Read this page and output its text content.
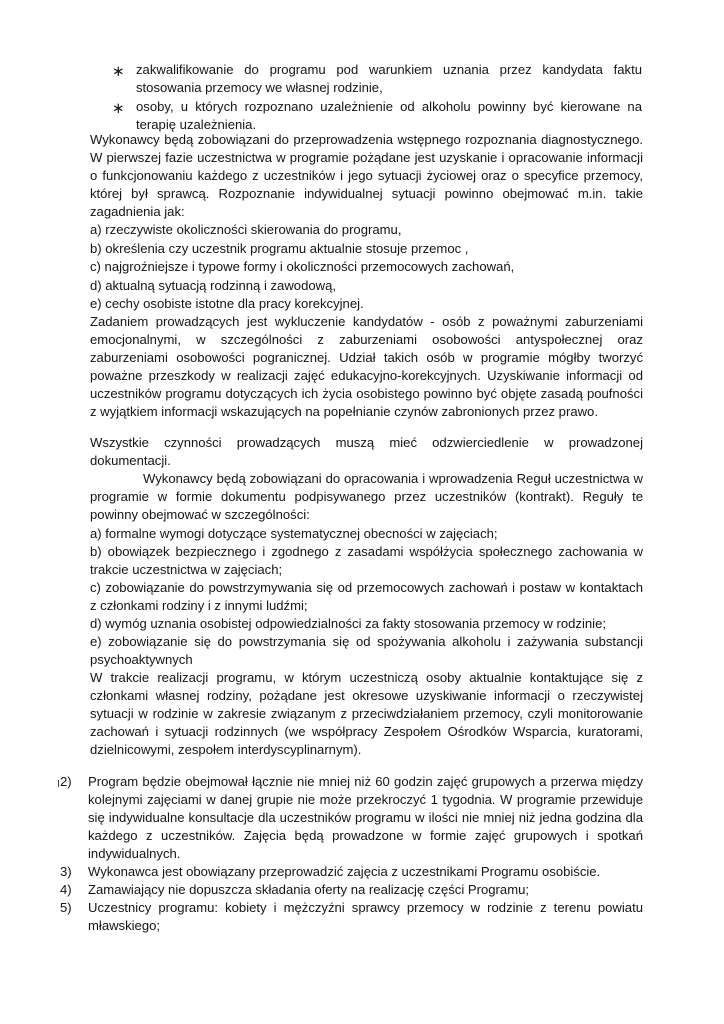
∗ zakwalifikowanie do programu pod warunkiem uznania przez kandydata faktu stosowania przemocy we własnej rodzinie,

∗ osoby, u których rozpoznano uzależnienie od alkoholu powinny być kierowane na terapię uzależnienia.

Wykonawcy będą zobowiązani do przeprowadzenia wstępnego rozpoznania diagnostycznego. W pierwszej fazie uczestnictwa w programie pożądane jest uzyskanie i opracowanie informacji o funkcjonowaniu każdego z uczestników i jego sytuacji życiowej oraz o specyfice przemocy, której był sprawcą. Rozpoznanie indywidualnej sytuacji powinno obejmować m.in. takie zagadnienia jak:

a) rzeczywiste okoliczności skierowania do programu,

b) określenia czy uczestnik programu aktualnie stosuje przemoc ,

c) najgroźniejsze i typowe formy i okoliczności przemocowych zachowań,

d) aktualną sytuacją rodzinną i zawodową,

e) cechy osobiste istotne dla pracy korekcyjnej.

Zadaniem prowadzących jest wykluczenie kandydatów - osób z poważnymi zaburzeniami emocjonalnymi, w szczególności z zaburzeniami osobowości antyspołecznej oraz zaburzeniami osobowości pogranicznej. Udział takich osób w programie mógłby tworzyć poważne przeszkody w realizacji zajęć edukacyjno-korekcyjnych. Uzyskiwanie informacji od uczestników programu dotyczących ich życia osobistego powinno być objęte zasadą poufności z wyjątkiem informacji wskazujących na popełnianie czynów zabronionych przez prawo.

Wszystkie czynności prowadzących muszą mieć odzwierciedlenie w prowadzonej dokumentacji.

Wykonawcy będą zobowiązani do opracowania i wprowadzenia Reguł uczestnictwa w programie w formie dokumentu podpisywanego przez uczestników (kontrakt). Reguły te powinny obejmować w szczególności:

a) formalne wymogi dotyczące systematycznej obecności w zajęciach;

b) obowiązek bezpiecznego i zgodnego z zasadami współżycia społecznego zachowania w trakcie uczestnictwa w zajęciach;

c) zobowiązanie do powstrzymywania się od przemocowych zachowań i postaw w kontaktach z członkami rodziny i z innymi ludźmi;

d) wymóg uznania osobistej odpowiedzialności za fakty stosowania przemocy w rodzinie;

e) zobowiązanie się do powstrzymania się od spożywania alkoholu i zażywania substancji psychoaktywnych

W trakcie realizacji programu, w którym uczestniczą osoby aktualnie kontaktujące się z członkami własnej rodziny, pożądane jest okresowe uzyskiwanie informacji o rzeczywistej sytuacji w rodzinie w zakresie związanym z przeciwdziałaniem przemocy, czyli monitorowanie zachowań i sytuacji rodzinnych (we współpracy Zespołem Ośrodków Wsparcia, kuratorami, dzielnicowymi, zespołem interdyscyplinarnym).

2) Program będzie obejmował łącznie nie mniej niż 60 godzin zajęć grupowych a przerwa między kolejnymi zajęciami w danej grupie nie może przekroczyć 1 tygodnia. W programie przewiduje się indywidualne konsultacje dla uczestników programu w ilości nie mniej niż jedna godzina dla każdego z uczestników. Zajęcia będą prowadzone w formie zajęć grupowych i spotkań indywidualnych.

3) Wykonawca jest obowiązany przeprowadzić zajęcia z uczestnikami Programu osobiście.

4) Zamawiający nie dopuszcza składania oferty na realizację części Programu;

5) Uczestnicy programu: kobiety i mężczyźni sprawcy przemocy w rodzinie z terenu powiatu mławskiego;
